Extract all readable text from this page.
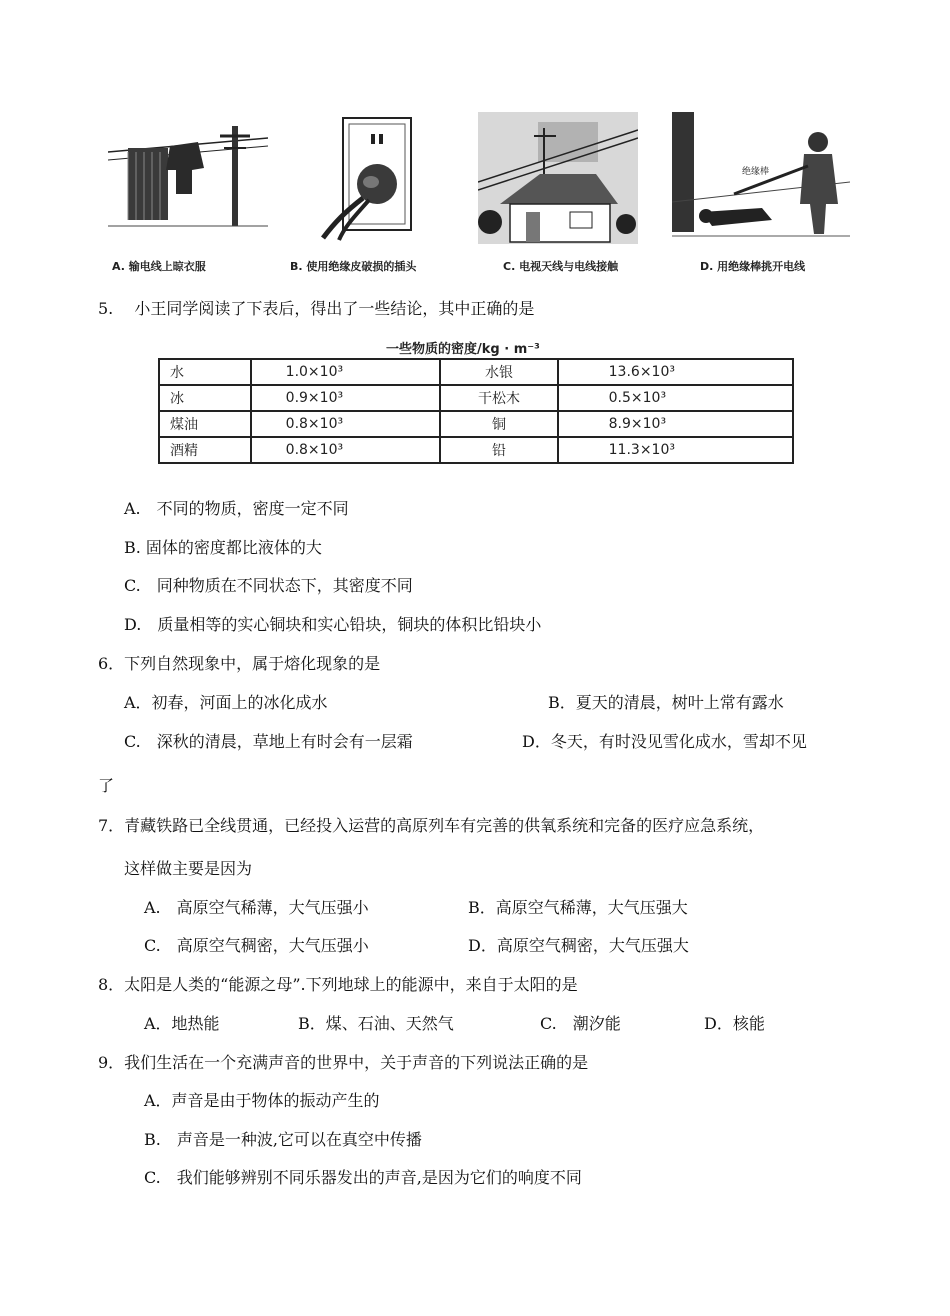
绝缘棒
A. 输电线上晾衣服	B. 使用绝缘皮破损的插头	C. 电视天线与电线接触	D. 用绝缘棒挑开电线
5.　 小王同学阅读了下表后，得出了一些结论，其中正确的是
一些物质的密度/kg · m⁻³
水	1.0×10³	水银	13.6×10³
冰	0.9×10³	干松木	0.5×10³
煤油	0.8×10³	铜	8.9×10³
酒精	0.8×10³	铅	11.3×10³
A.　不同的物质，密度一定不同
B. 固体的密度都比液体的大
C.　同种物质在不同状态下，其密度不同
D.　质量相等的实心铜块和实心铅块，铜块的体积比铅块小
6．下列自然现象中，属于熔化现象的是
A．初春，河面上的冰化成水	B．夏天的清晨，树叶上常有露水
C.　深秋的清晨，草地上有时会有一层霜	D．冬天，有时没见雪化成水，雪却不见
了
7．青藏铁路已全线贯通，已经投入运营的高原列车有完善的供氧系统和完备的医疗应急系统，
这样做主要是因为
A.　高原空气稀薄，大气压强小	B．高原空气稀薄，大气压强大
C.　高原空气稠密，大气压强小	D．高原空气稠密，大气压强大
8．太阳是人类的“能源之母”.下列地球上的能源中，来自于太阳的是
A．地热能	B．煤、石油、天然气	C.　潮汐能	D．核能
9．我们生活在一个充满声音的世界中，关于声音的下列说法正确的是
A．声音是由于物体的振动产生的
B.　声音是一种波,它可以在真空中传播
C.　我们能够辨别不同乐器发出的声音,是因为它们的响度不同
